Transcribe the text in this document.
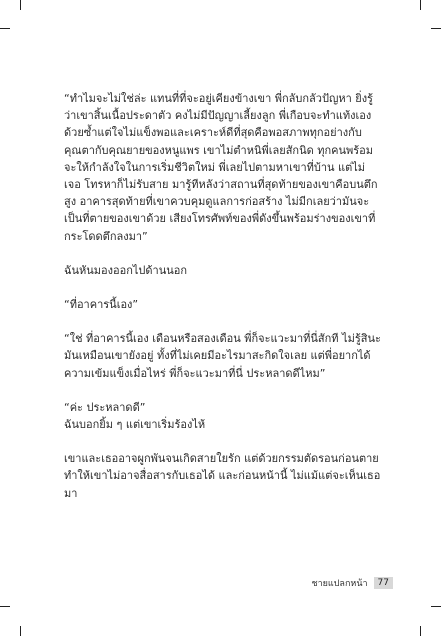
“ทำไมจะไม่ใช่ล่ะ แทนที่ที่จะอยู่เคียงข้างเขา พี่กลับกลัวปัญหา ยิ่งรู้
ว่าเขาสิ้นเนื้อประดาตัว คงไม่มีปัญญาเลี้ยงลูก พี่เกือบจะทำแท้งเอง
ด้วยซ้ำแต่ใจไม่แข็งพอและเคราะห์ดีที่สุดคือพอสภาพทุกอย่างกับ
คุณตากับคุณยายของหนูแพร เขาไม่ตำหนิพี่เลยสักนิด ทุกคนพร้อม
จะให้กำลังใจในการเริ่มชีวิตใหม่ พี่เลยไปตามหาเขาที่บ้าน แต่ไม่
เจอ โทรหาก็ไม่รับสาย มารู้ทีหลังว่าสถานที่สุดท้ายของเขาคือบนตึก
สูง อาคารสุดท้ายที่เขาควบคุมดูแลการก่อสร้าง ไม่มีกเลยว่ามันจะ
เป็นที่ตายของเขาด้วย เสียงโทรศัพท์ของพี่ดังขึ้นพร้อมร่างของเขาที่
กระโดดตึกลงมา”

ฉันหันมองออกไปด้านนอก

“ที่อาคารนี้เอง”

“ใช่ ที่อาคารนี้เอง เดือนหรือสองเดือน พี่ก็จะแวะมาที่นี่สักที ไม่รู้สินะ
มันเหมือนเขายังอยู่ ทั้งที่ไม่เคยมีอะไรมาสะกิดใจเลย แต่พี่อยากได้
ความเข้มแข็งเมื่อไหร่ พี่ก็จะแวะมาที่นี่ ประหลาดดีไหม”

“ค่ะ ประหลาดดี”
ฉันบอกยิ้ม ๆ แต่เขาเริ่มร้องไห้

เขาและเธออาจผูกพันจนเกิดสายใยรัก แต่ด้วยกรรมตัดรอนก่อนตาย
ทำให้เขาไม่อาจสื่อสารกับเธอได้ และก่อนหน้านี้ ไม่แม้แต่จะเห็นเธอ
มา

ชายแปลกหน้า	77
